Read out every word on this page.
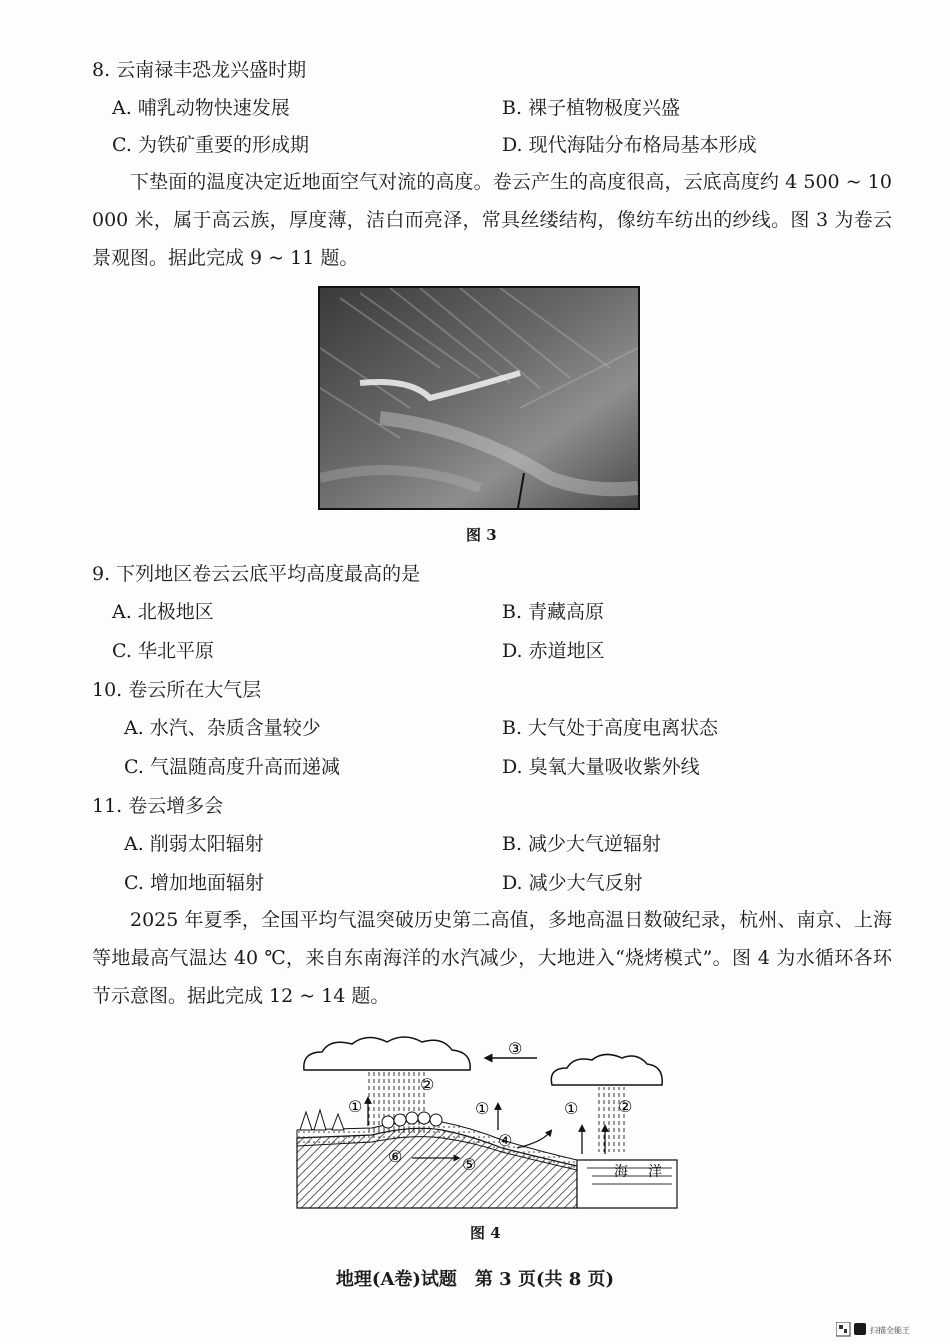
8. 云南禄丰恐龙兴盛时期
A. 哺乳动物快速发展	B. 裸子植物极度兴盛
C. 为铁矿重要的形成期	D. 现代海陆分布格局基本形成

下垫面的温度决定近地面空气对流的高度。卷云产生的高度很高，云底高度约 4 500 ~ 10 000 米，属于高云族，厚度薄，洁白而亮泽，常具丝缕结构，像纺车纺出的纱线。图 3 为卷云景观图。据此完成 9 ~ 11 题。

图 3
9. 下列地区卷云云底平均高度最高的是
A. 北极地区	B. 青藏高原
C. 华北平原	D. 赤道地区
10. 卷云所在大气层
A. 水汽、杂质含量较少	B. 大气处于高度电离状态
C. 气温随高度升高而递减	D. 臭氧大量吸收紫外线
11. 卷云增多会
A. 削弱太阳辐射	B. 减少大气逆辐射
C. 增加地面辐射	D. 减少大气反射

2025 年夏季，全国平均气温突破历史第二高值，多地高温日数破纪录，杭州、南京、上海等地最高气温达 40 ℃，来自东南海洋的水汽减少，大地进入“烧烤模式”。图 4 为水循环各环节示意图。据此完成 12 ~ 14 题。

①	①	①
②
②
③
④
⑤
⑥
海 洋
图 4
地理(A卷)试题　第 3 页(共 8 页)
扫描全能王
